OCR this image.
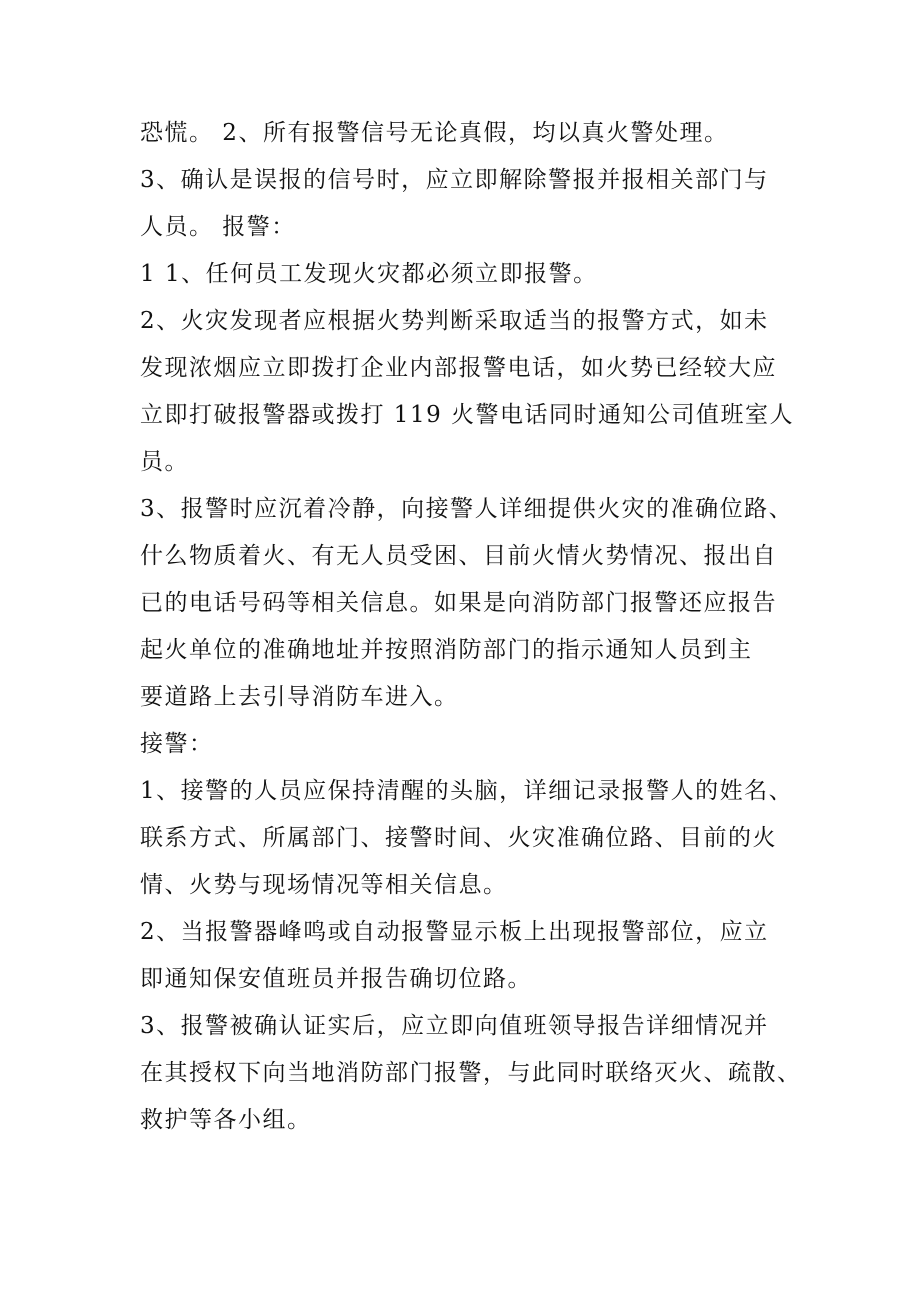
恐慌。 2、所有报警信号无论真假，均以真火警处理。
3、确认是误报的信号时，应立即解除警报并报相关部门与
人员。 报警：
1 1、任何员工发现火灾都必须立即报警。
2、火灾发现者应根据火势判断采取适当的报警方式，如未
发现浓烟应立即拨打企业内部报警电话，如火势已经较大应
立即打破报警器或拨打 119 火警电话同时通知公司值班室人
员。
3、报警时应沉着冷静，向接警人详细提供火灾的准确位路、
什么物质着火、有无人员受困、目前火情火势情况、报出自
已的电话号码等相关信息。如果是向消防部门报警还应报告
起火单位的准确地址并按照消防部门的指示通知人员到主
要道路上去引导消防车进入。
接警：
1、接警的人员应保持清醒的头脑，详细记录报警人的姓名、
联系方式、所属部门、接警时间、火灾准确位路、目前的火
情、火势与现场情况等相关信息。
2、当报警器峰鸣或自动报警显示板上出现报警部位，应立
即通知保安值班员并报告确切位路。
3、报警被确认证实后，应立即向值班领导报告详细情况并
在其授权下向当地消防部门报警，与此同时联络灭火、疏散、
救护等各小组。
